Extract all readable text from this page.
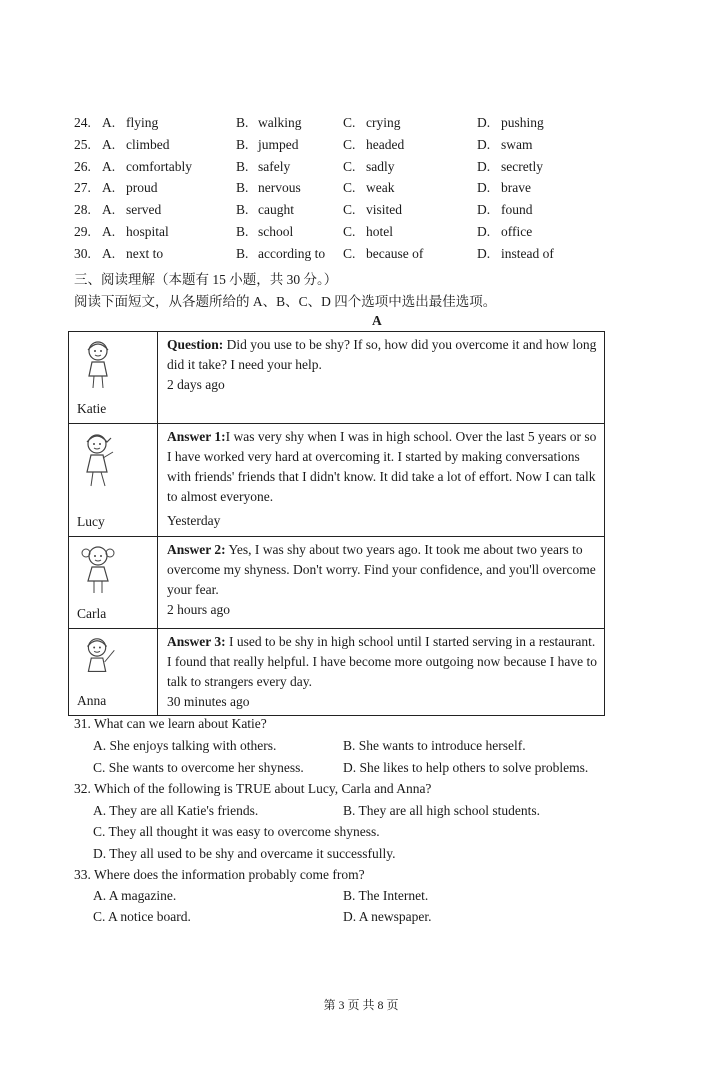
24. A. flying	B. walking	C. crying	D. pushing
25. A. climbed	B. jumped	C. headed	D. swam
26. A. comfortably	B. safely	C. sadly	D. secretly
27. A. proud	B. nervous	C. weak	D. brave
28. A. served	B. caught	C. visited	D. found
29. A. hospital	B. school	C. hotel	D. office
30. A. next to	B. according to C. because of	D. instead of
三、阅读理解（本题有 15 小题，共 30 分。）
阅读下面短文，从各题所给的 A、B、C、D 四个选项中选出最佳选项。
A
Katie	Question: Did you use to be shy? If so, how did you overcome it and how long did it take? I need your help.
2 days ago

Lucy	Answer 1:I was very shy when I was in high school. Over the last 5 years or so I have worked very hard at overcoming it. I started by making conversations with friends' friends that I didn't know. It did take a lot of effort. Now I can talk to almost everyone.
Yesterday

Carla	Answer 2: Yes, I was shy about two years ago. It took me about two years to overcome my shyness. Don't worry. Find your confidence, and you'll overcome your fear.
2 hours ago

Anna	Answer 3: I used to be shy in high school until I started serving in a restaurant. I found that really helpful. I have become more outgoing now because I have to talk to strangers every day.
30 minutes ago
31. What can we learn about Katie?
A. She enjoys talking with others.	B. She wants to introduce herself.
C. She wants to overcome her shyness.	D. She likes to help others to solve problems.
32. Which of the following is TRUE about Lucy, Carla and Anna?
A. They are all Katie's friends.	B. They are all high school students.
C. They all thought it was easy to overcome shyness.
D. They all used to be shy and overcame it successfully.
33. Where does the information probably come from?
A. A magazine.	B. The Internet.
C. A notice board.	D. A newspaper.
第 3 页 共 8 页
